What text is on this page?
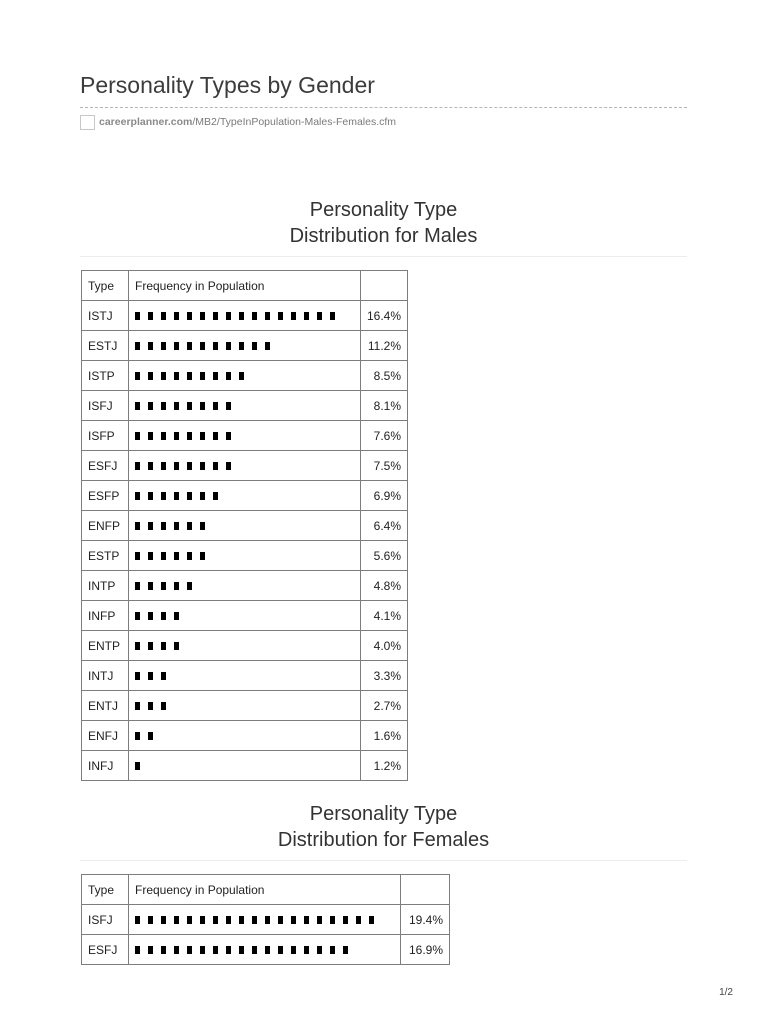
Personality Types by Gender
careerplanner.com /MB2/TypeInPopulation-Males-Females.cfm
Personality Type
Distribution for Males
Type	Frequency in Population	
ISTJ		16.4%
ESTJ		11.2%
ISTP		8.5%
ISFJ		8.1%
ISFP		7.6%
ESFJ		7.5%
ESFP		6.9%
ENFP		6.4%
ESTP		5.6%
INTP		4.8%
INFP		4.1%
ENTP		4.0%
INTJ		3.3%
ENTJ		2.7%
ENFJ		1.6%
INFJ		1.2%
Personality Type
Distribution for Females
Type	Frequency in Population	
ISFJ		19.4%
ESFJ		16.9%
1/2
